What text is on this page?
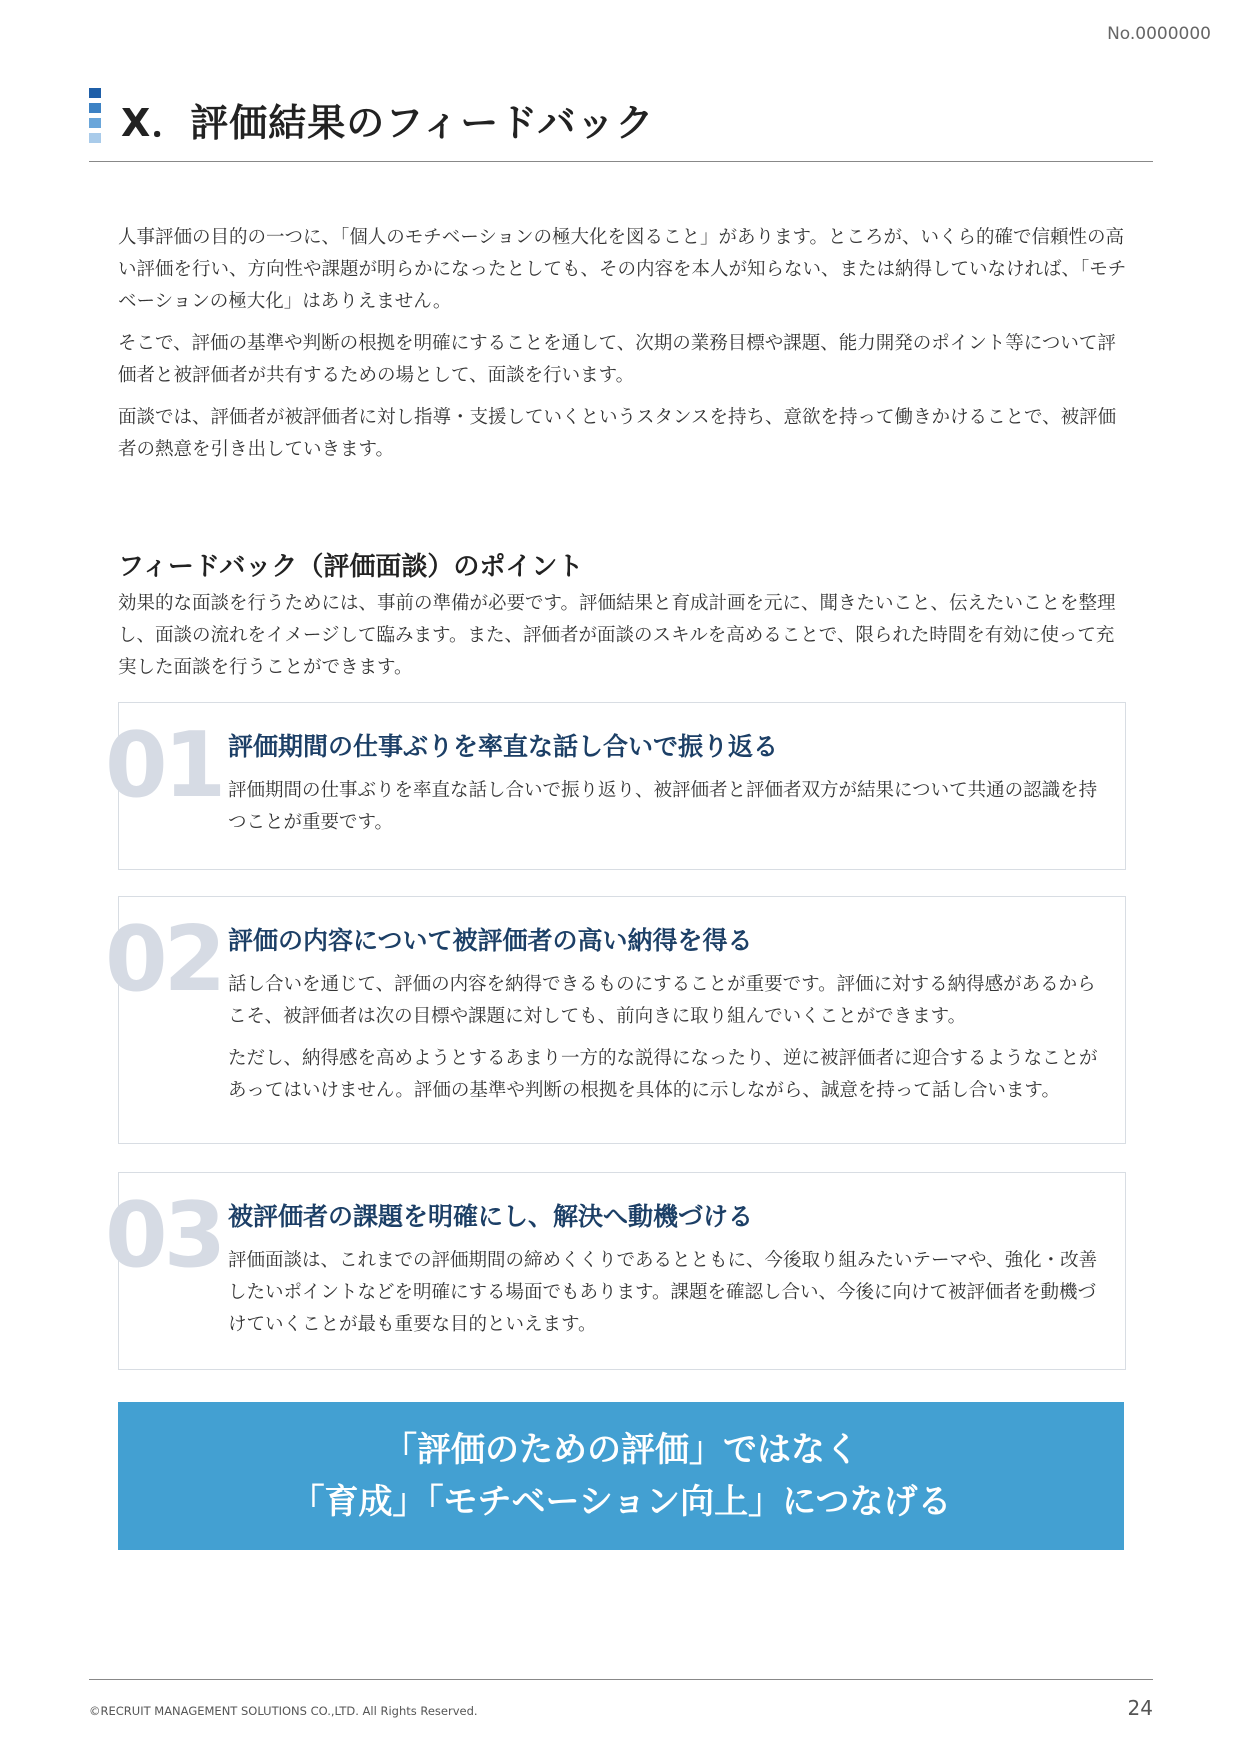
No.0000000
X．評価結果のフィードバック

人事評価の目的の一つに、「個人のモチベーションの極大化を図ること」があります。ところが、いくら的確で信頼性の高い評価を行い、方向性や課題が明らかになったとしても、その内容を本人が知らない、または納得していなければ、「モチベーションの極大化」はありえません。

そこで、評価の基準や判断の根拠を明確にすることを通して、次期の業務目標や課題、能力開発のポイント等について評価者と被評価者が共有するための場として、面談を行います。

面談では、評価者が被評価者に対し指導・支援していくというスタンスを持ち、意欲を持って働きかけることで、被評価者の熱意を引き出していきます。

フィードバック（評価面談）のポイント

効果的な面談を行うためには、事前の準備が必要です。評価結果と育成計画を元に、聞きたいこと、伝えたいことを整理し、面談の流れをイメージして臨みます。また、評価者が面談のスキルを高めることで、限られた時間を有効に使って充実した面談を行うことができます。

01 評価期間の仕事ぶりを率直な話し合いで振り返る

評価期間の仕事ぶりを率直な話し合いで振り返り、被評価者と評価者双方が結果について共通の認識を持つことが重要です。

02 評価の内容について被評価者の高い納得を得る

話し合いを通じて、評価の内容を納得できるものにすることが重要です。評価に対する納得感があるからこそ、被評価者は次の目標や課題に対しても、前向きに取り組んでいくことができます。

ただし、納得感を高めようとするあまり一方的な説得になったり、逆に被評価者に迎合するようなことがあってはいけません。評価の基準や判断の根拠を具体的に示しながら、誠意を持って話し合います。

03 被評価者の課題を明確にし、解決へ動機づける

評価面談は、これまでの評価期間の締めくくりであるとともに、今後取り組みたいテーマや、強化・改善したいポイントなどを明確にする場面でもあります。課題を確認し合い、今後に向けて被評価者を動機づけていくことが最も重要な目的といえます。

「評価のための評価」ではなく
「育成」「モチベーション向上」につなげる
©RECRUIT MANAGEMENT SOLUTIONS CO.,LTD. All Rights Reserved.	24
